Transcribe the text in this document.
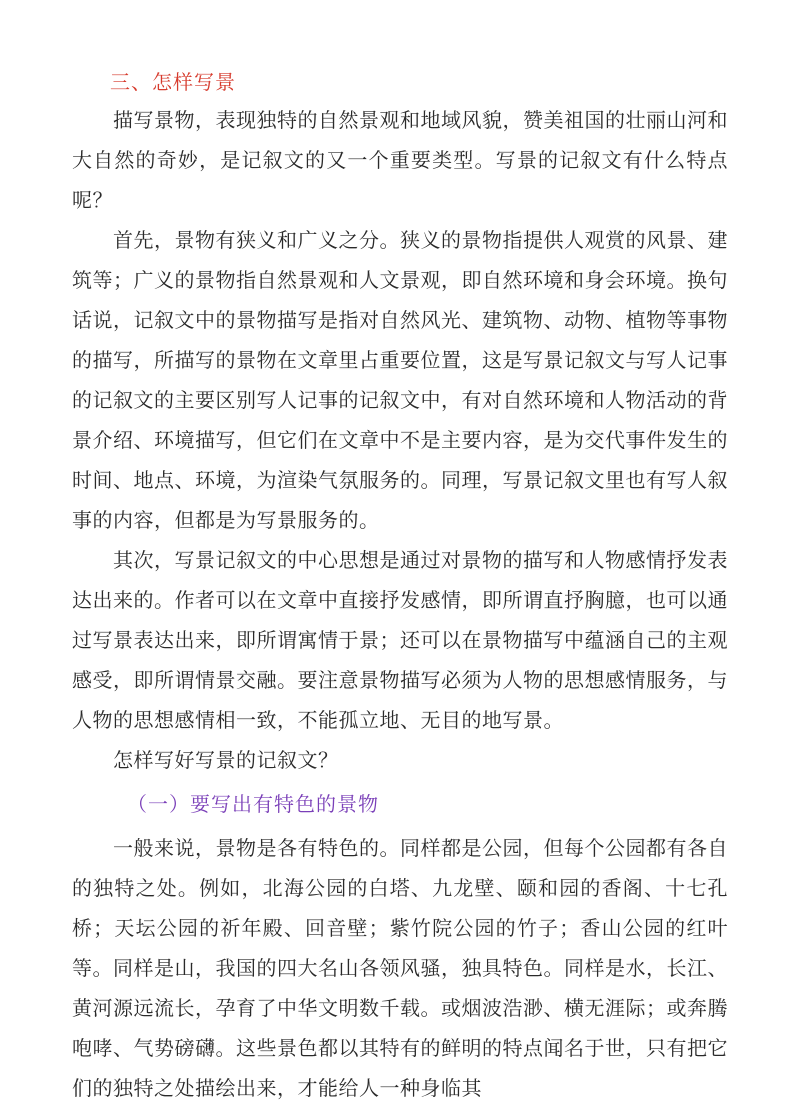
三、怎样写景

描写景物，表现独特的自然景观和地域风貌，赞美祖国的壮丽山河和大自然的奇妙，是记叙文的又一个重要类型。写景的记叙文有什么特点呢？

首先，景物有狭义和广义之分。狭义的景物指提供人观赏的风景、建筑等；广义的景物指自然景观和人文景观，即自然环境和身会环境。换句话说，记叙文中的景物描写是指对自然风光、建筑物、动物、植物等事物的描写，所描写的景物在文章里占重要位置，这是写景记叙文与写人记事的记叙文的主要区别写人记事的记叙文中，有对自然环境和人物活动的背景介绍、环境描写，但它们在文章中不是主要内容，是为交代事件发生的时间、地点、环境，为渲染气氛服务的。同理，写景记叙文里也有写人叙事的内容，但都是为写景服务的。

其次，写景记叙文的中心思想是通过对景物的描写和人物感情抒发表达出来的。作者可以在文章中直接抒发感情，即所谓直抒胸臆，也可以通过写景表达出来，即所谓寓情于景；还可以在景物描写中蕴涵自己的主观感受，即所谓情景交融。要注意景物描写必须为人物的思想感情服务，与人物的思想感情相一致，不能孤立地、无目的地写景。

怎样写好写景的记叙文？

（一）要写出有特色的景物

一般来说，景物是各有特色的。同样都是公园，但每个公园都有各自的独特之处。例如，北海公园的白塔、九龙壁、颐和园的香阁、十七孔桥；天坛公园的祈年殿、回音壁；紫竹院公园的竹子；香山公园的红叶等。同样是山，我国的四大名山各领风骚，独具特色。同样是水，长江、黄河源远流长，孕育了中华文明数千载。或烟波浩渺、横无涯际；或奔腾咆哮、气势磅礴。这些景色都以其特有的鲜明的特点闻名于世，只有把它们的独特之处描绘出来，才能给人一种身临其
